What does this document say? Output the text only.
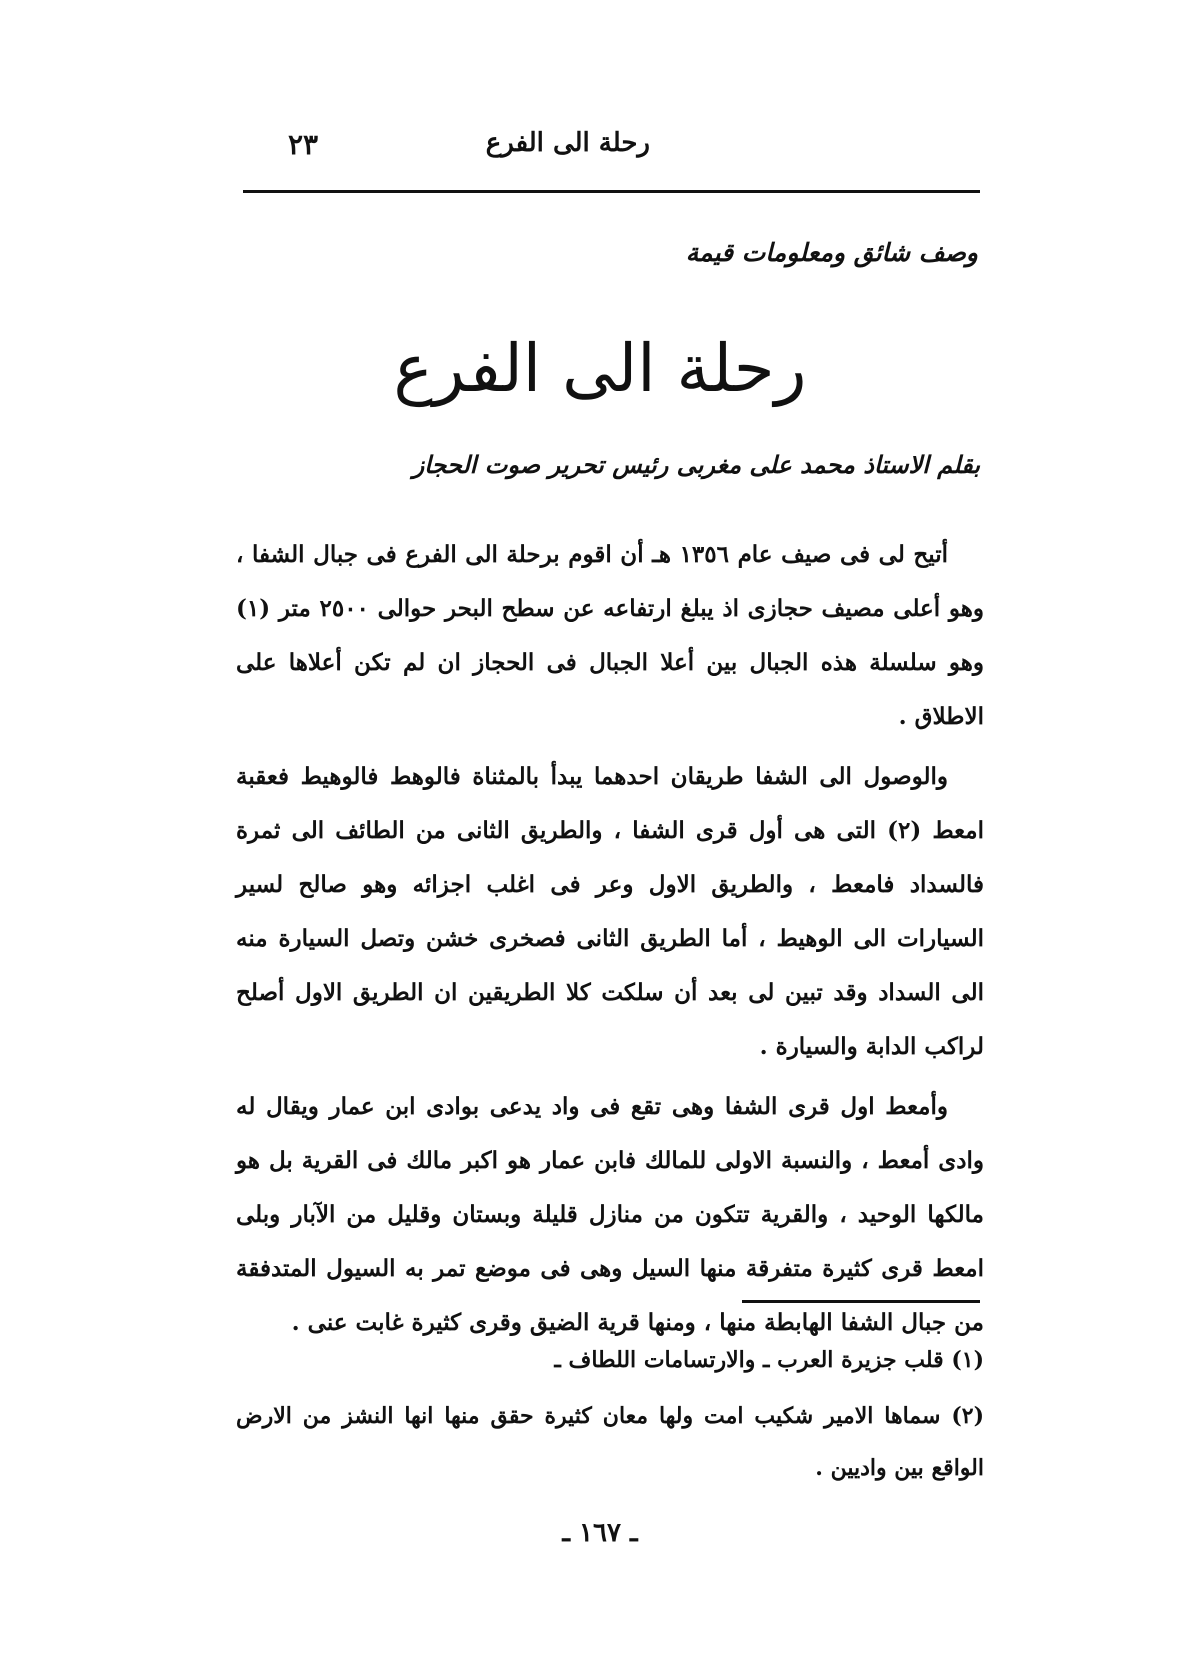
رحلة الى الفرع
٢٣
وصف شائق ومعلومات قيمة
رحلة الى الفرع
بقلم الاستاذ محمد على مغربى رئيس تحرير صوت الحجاز

أتيح لى فى صيف عام ١٣٥٦ هـ أن اقوم برحلة الى الفرع فى جبال الشفا ، وهو أعلى مصيف حجازى اذ يبلغ ارتفاعه عن سطح البحر حوالى ٢٥٠٠ متر (١) وهو سلسلة هذه الجبال بين أعلا الجبال فى الحجاز ان لم تكن أعلاها على الاطلاق .

والوصول الى الشفا طريقان احدهما يبدأ بالمثناة فالوهط فالوهيط فعقبة امعط (٢) التى هى أول قرى الشفا ، والطريق الثانى من الطائف الى ثمرة فالسداد فامعط ، والطريق الاول وعر فى اغلب اجزائه وهو صالح لسير السيارات الى الوهيط ، أما الطريق الثانى فصخرى خشن وتصل السيارة منه الى السداد وقد تبين لى بعد أن سلكت كلا الطريقين ان الطريق الاول أصلح لراكب الدابة والسيارة .

وأمعط اول قرى الشفا وهى تقع فى واد يدعى بوادى ابن عمار ويقال له وادى أمعط ، والنسبة الاولى للمالك فابن عمار هو اكبر مالك فى القرية بل هو مالكها الوحيد ، والقرية تتكون من منازل قليلة وبستان وقليل من الآبار وبلى امعط قرى كثيرة متفرقة منها السيل وهى فى موضع تمر به السيول المتدفقة من جبال الشفا الهابطة منها ، ومنها قرية الضيق وقرى كثيرة غابت عنى .

(١) قلب جزيرة العرب ـ والارتسامات اللطاف ـ

(٢) سماها الامير شكيب امت ولها معان كثيرة حقق منها انها النشز من الارض الواقع بين واديين .

ـ ١٦٧ ـ
